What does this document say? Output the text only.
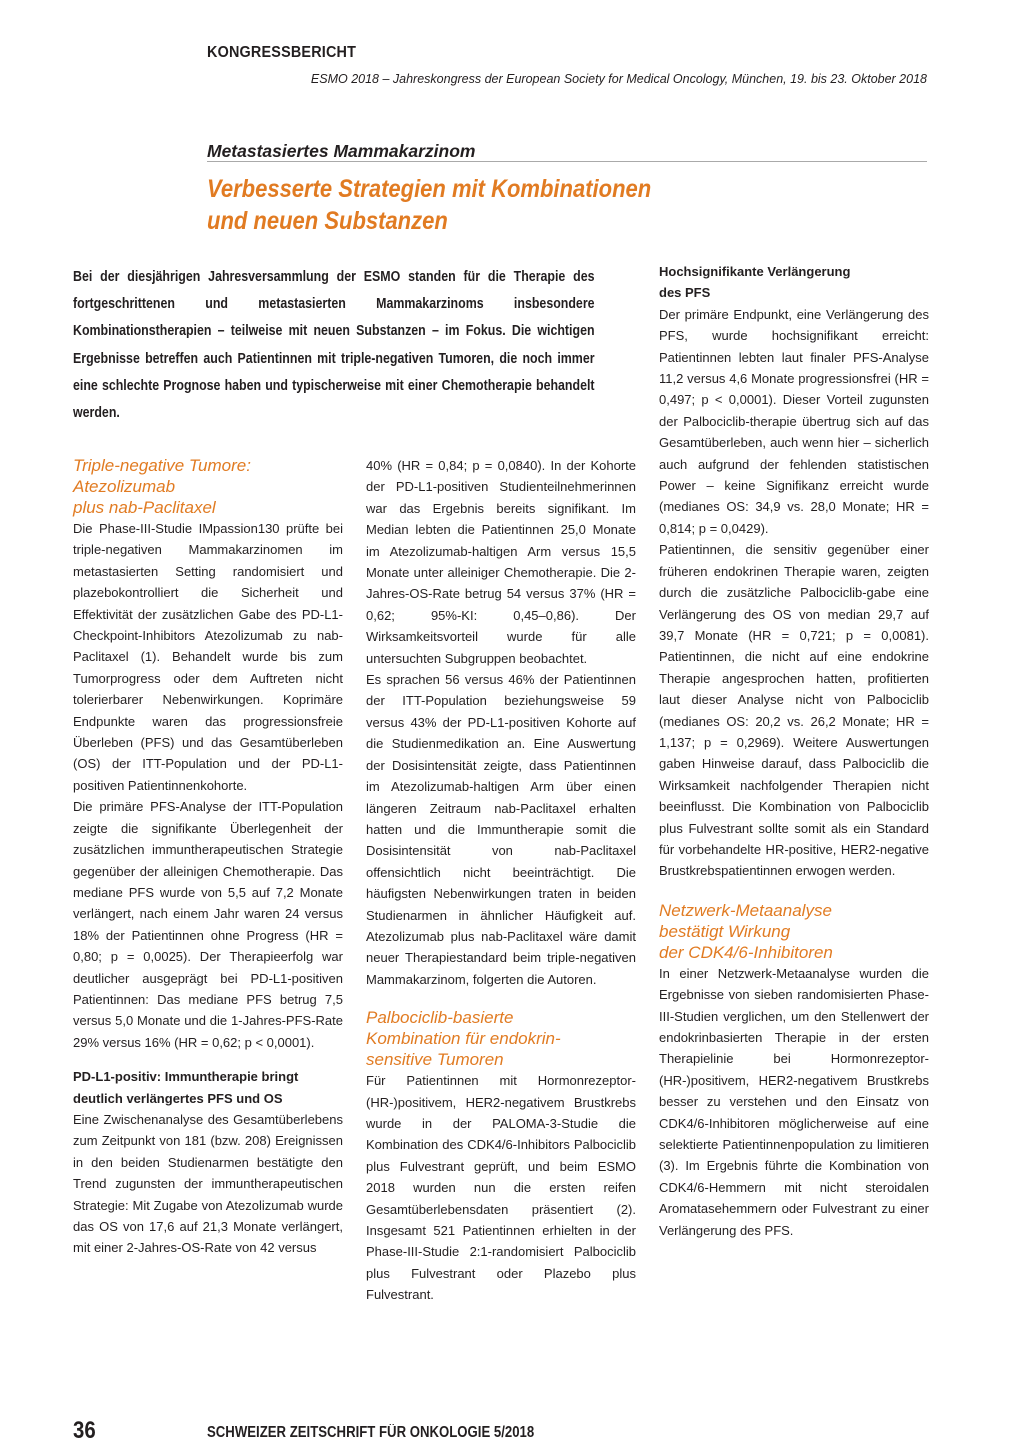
KONGRESSBERICHT
ESMO 2018 – Jahreskongress der European Society for Medical Oncology, München, 19. bis 23. Oktober 2018
Metastasiertes Mammakarzinom
Verbesserte Strategien mit Kombinationen
und neuen Substanzen
Bei der diesjährigen Jahresversammlung der ESMO standen für die Therapie des fortgeschrittenen und metastasierten Mammakarzinoms insbesondere Kombinationstherapien – teilweise mit neuen Substanzen – im Fokus. Die wichtigen Ergebnisse betreffen auch Patientinnen mit triple-negativen Tumoren, die noch immer eine schlechte Prognose haben und typischerweise mit einer Chemotherapie behandelt werden.
Triple-negative Tumore:
Atezolizumab
plus nab-Paclitaxel

Die Phase-III-Studie IMpassion130 prüfte bei triple-negativen Mammakarzinomen im metastasierten Setting randomisiert und plazebokontrolliert die Sicherheit und Effektivität der zusätzlichen Gabe des PD-L1-Checkpoint-Inhibitors Atezolizumab zu nab-Paclitaxel (1). Behandelt wurde bis zum Tumorprogress oder dem Auftreten nicht tolerierbarer Nebenwirkungen. Koprimäre Endpunkte waren das progressionsfreie Überleben (PFS) und das Gesamtüberleben (OS) der ITT-Population und der PD-L1-positiven Patientinnenkohorte.

Die primäre PFS-Analyse der ITT-Population zeigte die signifikante Überlegenheit der zusätzlichen immuntherapeutischen Strategie gegenüber der alleinigen Chemotherapie. Das mediane PFS wurde von 5,5 auf 7,2 Monate verlängert, nach einem Jahr waren 24 versus 18% der Patientinnen ohne Progress (HR = 0,80; p = 0,0025). Der Therapieerfolg war deutlicher ausgeprägt bei PD-L1-positiven Patientinnen: Das mediane PFS betrug 7,5 versus 5,0 Monate und die 1-Jahres-PFS-Rate 29% versus 16% (HR = 0,62; p < 0,0001).

PD-L1-positiv: Immuntherapie bringt
deutlich verlängertes PFS und OS

Eine Zwischenanalyse des Gesamtüberlebens zum Zeitpunkt von 181 (bzw. 208) Ereignissen in den beiden Studienarmen bestätigte den Trend zugunsten der immuntherapeutischen Strategie: Mit Zugabe von Atezolizumab wurde das OS von 17,6 auf 21,3 Monate verlängert, mit einer 2-Jahres-OS-Rate von 42 versus

40% (HR = 0,84; p = 0,0840). In der Kohorte der PD-L1-positiven Studienteilnehmerinnen war das Ergebnis bereits signifikant. Im Median lebten die Patientinnen 25,0 Monate im Atezolizumab-haltigen Arm versus 15,5 Monate unter alleiniger Chemotherapie. Die 2-Jahres-OS-Rate betrug 54 versus 37% (HR = 0,62; 95%-KI: 0,45–0,86). Der Wirksamkeitsvorteil wurde für alle untersuchten Subgruppen beobachtet.

Es sprachen 56 versus 46% der Patientinnen der ITT-Population beziehungsweise 59 versus 43% der PD-L1-positiven Kohorte auf die Studienmedikation an. Eine Auswertung der Dosisintensität zeigte, dass Patientinnen im Atezolizumab-haltigen Arm über einen längeren Zeitraum nab-Paclitaxel erhalten hatten und die Immuntherapie somit die Dosisintensität von nab-Paclitaxel offensichtlich nicht beeinträchtigt. Die häufigsten Nebenwirkungen traten in beiden Studienarmen in ähnlicher Häufigkeit auf. Atezolizumab plus nab-Paclitaxel wäre damit neuer Therapiestandard beim triple-negativen Mammakarzinom, folgerten die Autoren.

Palbociclib-basierte
Kombination für endokrin-
sensitive Tumoren

Für Patientinnen mit Hormonrezeptor-(HR-)positivem, HER2-negativem Brustkrebs wurde in der PALOMA-3-Studie die Kombination des CDK4/6-Inhibitors Palbociclib plus Fulvestrant geprüft, und beim ESMO 2018 wurden nun die ersten reifen Gesamtüberlebensdaten präsentiert (2). Insgesamt 521 Patientinnen erhielten in der Phase-III-Studie 2:1-randomisiert Palbociclib plus Fulvestrant oder Plazebo plus Fulvestrant.

Hochsignifikante Verlängerung
des PFS

Der primäre Endpunkt, eine Verlängerung des PFS, wurde hochsignifikant erreicht: Patientinnen lebten laut finaler PFS-Analyse 11,2 versus 4,6 Monate progressionsfrei (HR = 0,497; p < 0,0001). Dieser Vorteil zugunsten der Palbociclib-therapie übertrug sich auf das Gesamtüberleben, auch wenn hier – sicherlich auch aufgrund der fehlenden statistischen Power – keine Signifikanz erreicht wurde (medianes OS: 34,9 vs. 28,0 Monate; HR = 0,814; p = 0,0429).

Patientinnen, die sensitiv gegenüber einer früheren endokrinen Therapie waren, zeigten durch die zusätzliche Palbociclib-gabe eine Verlängerung des OS von median 29,7 auf 39,7 Monate (HR = 0,721; p = 0,0081). Patientinnen, die nicht auf eine endokrine Therapie angesprochen hatten, profitierten laut dieser Analyse nicht von Palbociclib (medianes OS: 20,2 vs. 26,2 Monate; HR = 1,137; p = 0,2969). Weitere Auswertungen gaben Hinweise darauf, dass Palbociclib die Wirksamkeit nachfolgender Therapien nicht beeinflusst. Die Kombination von Palbociclib plus Fulvestrant sollte somit als ein Standard für vorbehandelte HR-positive, HER2-negative Brustkrebspatientinnen erwogen werden.

Netzwerk-Metaanalyse
bestätigt Wirkung
der CDK4/6-Inhibitoren

In einer Netzwerk-Metaanalyse wurden die Ergebnisse von sieben randomisierten Phase-III-Studien verglichen, um den Stellenwert der endokrinbasierten Therapie in der ersten Therapielinie bei Hormonrezeptor-(HR-)positivem, HER2-negativem Brustkrebs besser zu verstehen und den Einsatz von CDK4/6-Inhibitoren möglicherweise auf eine selektierte Patientinnenpopulation zu limitieren (3). Im Ergebnis führte die Kombination von CDK4/6-Hemmern mit nicht steroidalen Aromatasehemmern oder Fulvestrant zu einer Verlängerung des PFS.

36	SCHWEIZER ZEITSCHRIFT FÜR ONKOLOGIE 5/2018
